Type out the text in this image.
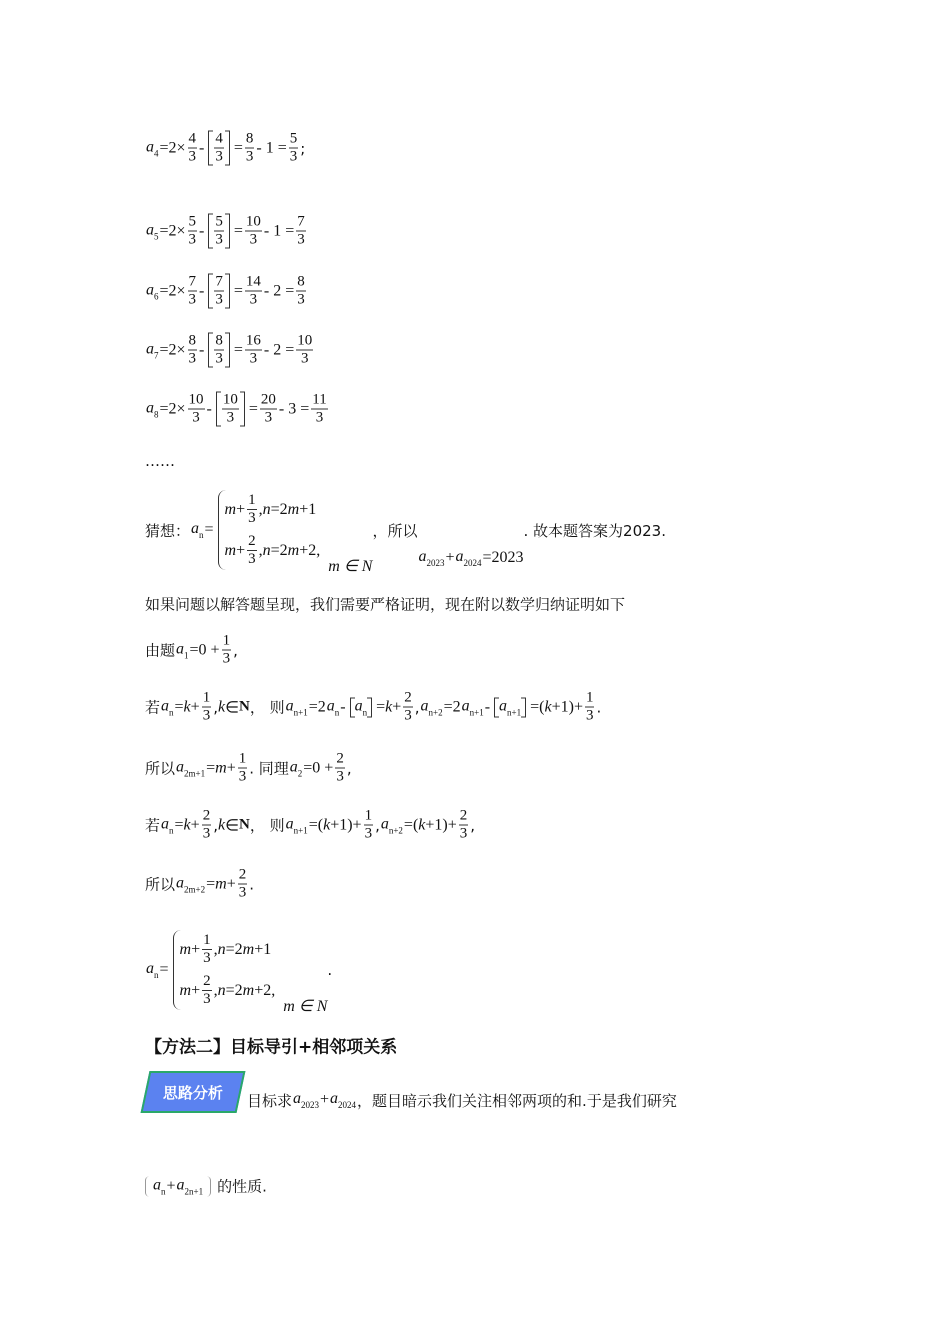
$a_4 =2\times \frac{4}{3} - \frac{4}{3} = \frac{8}{3} - 1 = \frac{5}{3}$ ;
$a_5 =2\times \frac{5}{3} - \frac{5}{3} = \frac{10}{3} - 1 = \frac{7}{3}$
$a_6 =2\times \frac{7}{3} - \frac{7}{3} = \frac{14}{3} - 2 = \frac{8}{3}$
$a_7 =2\times \frac{8}{3} - \frac{8}{3} = \frac{16}{3} - 2 = \frac{10}{3}$
$a_8 =2\times \frac{10}{3} - \frac{10}{3} = \frac{20}{3} - 3 = \frac{11}{3}$
……
猜想： $a_n$ =
$m + \frac{1}{3}$ , n =2 m +1
$m + \frac{2}{3}$ , n =2 m +2,
m ∈ N
，所以
$a_{2023} + a_{2024} =2023$
. 故本题答案为2023.
如果问题以解答题呈现，我们需要严格证明，现在附以数学归纳证明如下
由题 $a_1 =0 + \frac{1}{3}$ ,
若 $a_n = k + \frac{1}{3}$ , k ∈ N ， 则 $a_{n+1} =2$ $a_n - a_n = k + \frac{2}{3}$ , $a_{n+2} =2$ $a_{n+1} - a_{n+1}$ =( $k +1)+ \frac{1}{3}$ .
所以 $a_{2m+1} = m + \frac{1}{3}$ . 同理 $a_2 =0 + \frac{2}{3}$ ,
若 $a_n = k + \frac{2}{3}$ , k ∈ N ， 则 $a_{n+1}$ =( $k +1)+ \frac{1}{3}$ , $a_{n+2}$ =( $k +1)+ \frac{2}{3}$ ,
所以 $a_{2m+2} = m + \frac{2}{3}$ .
$a_n$ =
$m + \frac{1}{3}$ , n =2 m +1
$m + \frac{2}{3}$ , n =2 m +2,
m ∈ N
.
【方法二】目标导引+相邻项关系
思路分析 目标求 $a_{2023} + a_{2024}$ ，题目暗示我们关注相邻两项的和.于是我们研究
$a_n + a_{2n+1}$ 的性质.
